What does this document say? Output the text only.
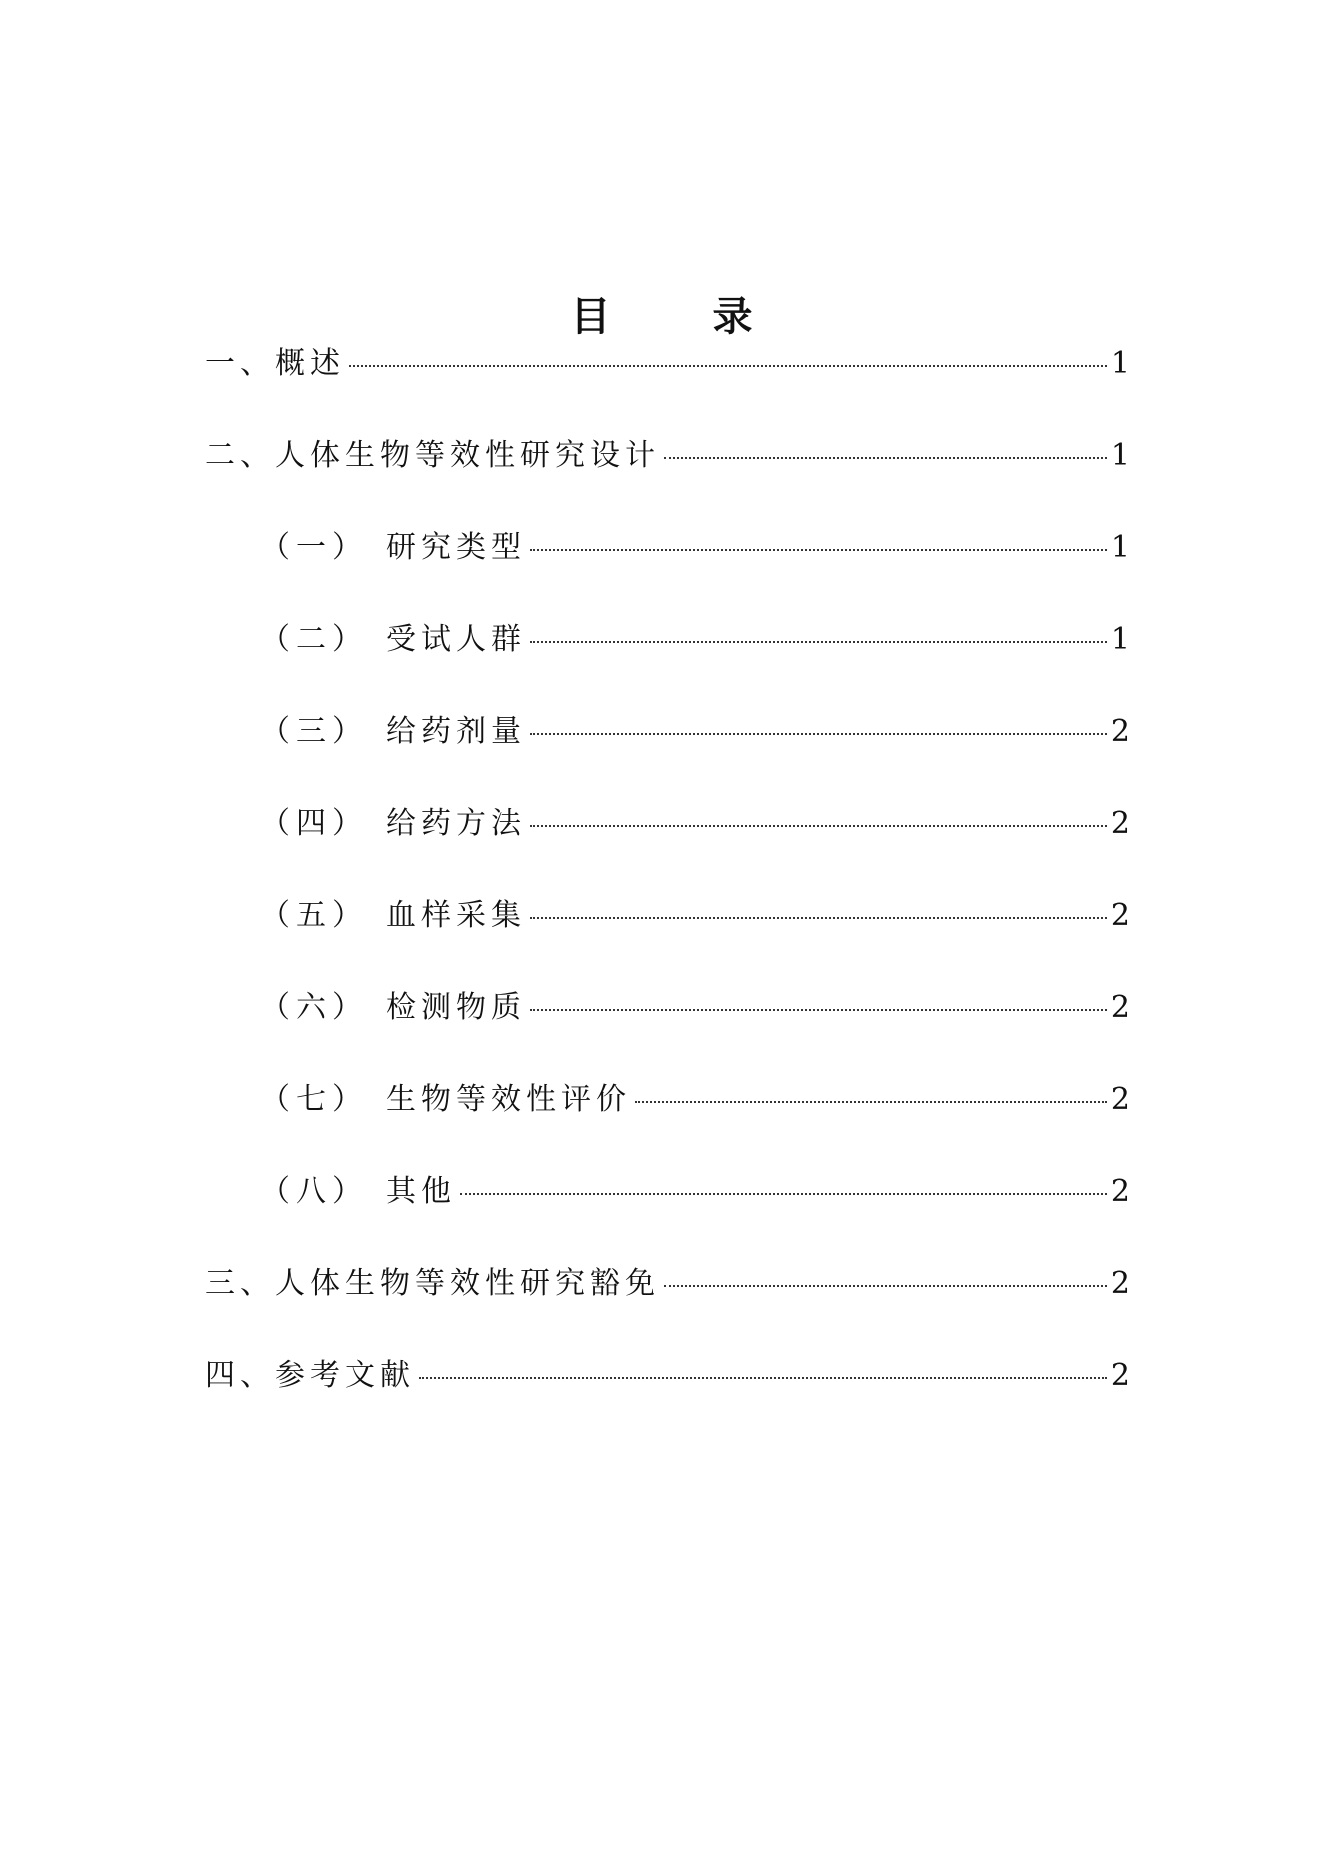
目 录
一、概述	1
二、人体生物等效性研究设计	1
（一） 研究类型	1
（二） 受试人群	1
（三） 给药剂量	2
（四） 给药方法	2
（五） 血样采集	2
（六） 检测物质	2
（七） 生物等效性评价	2
（八） 其他	2
三、人体生物等效性研究豁免	2
四、参考文献	2
